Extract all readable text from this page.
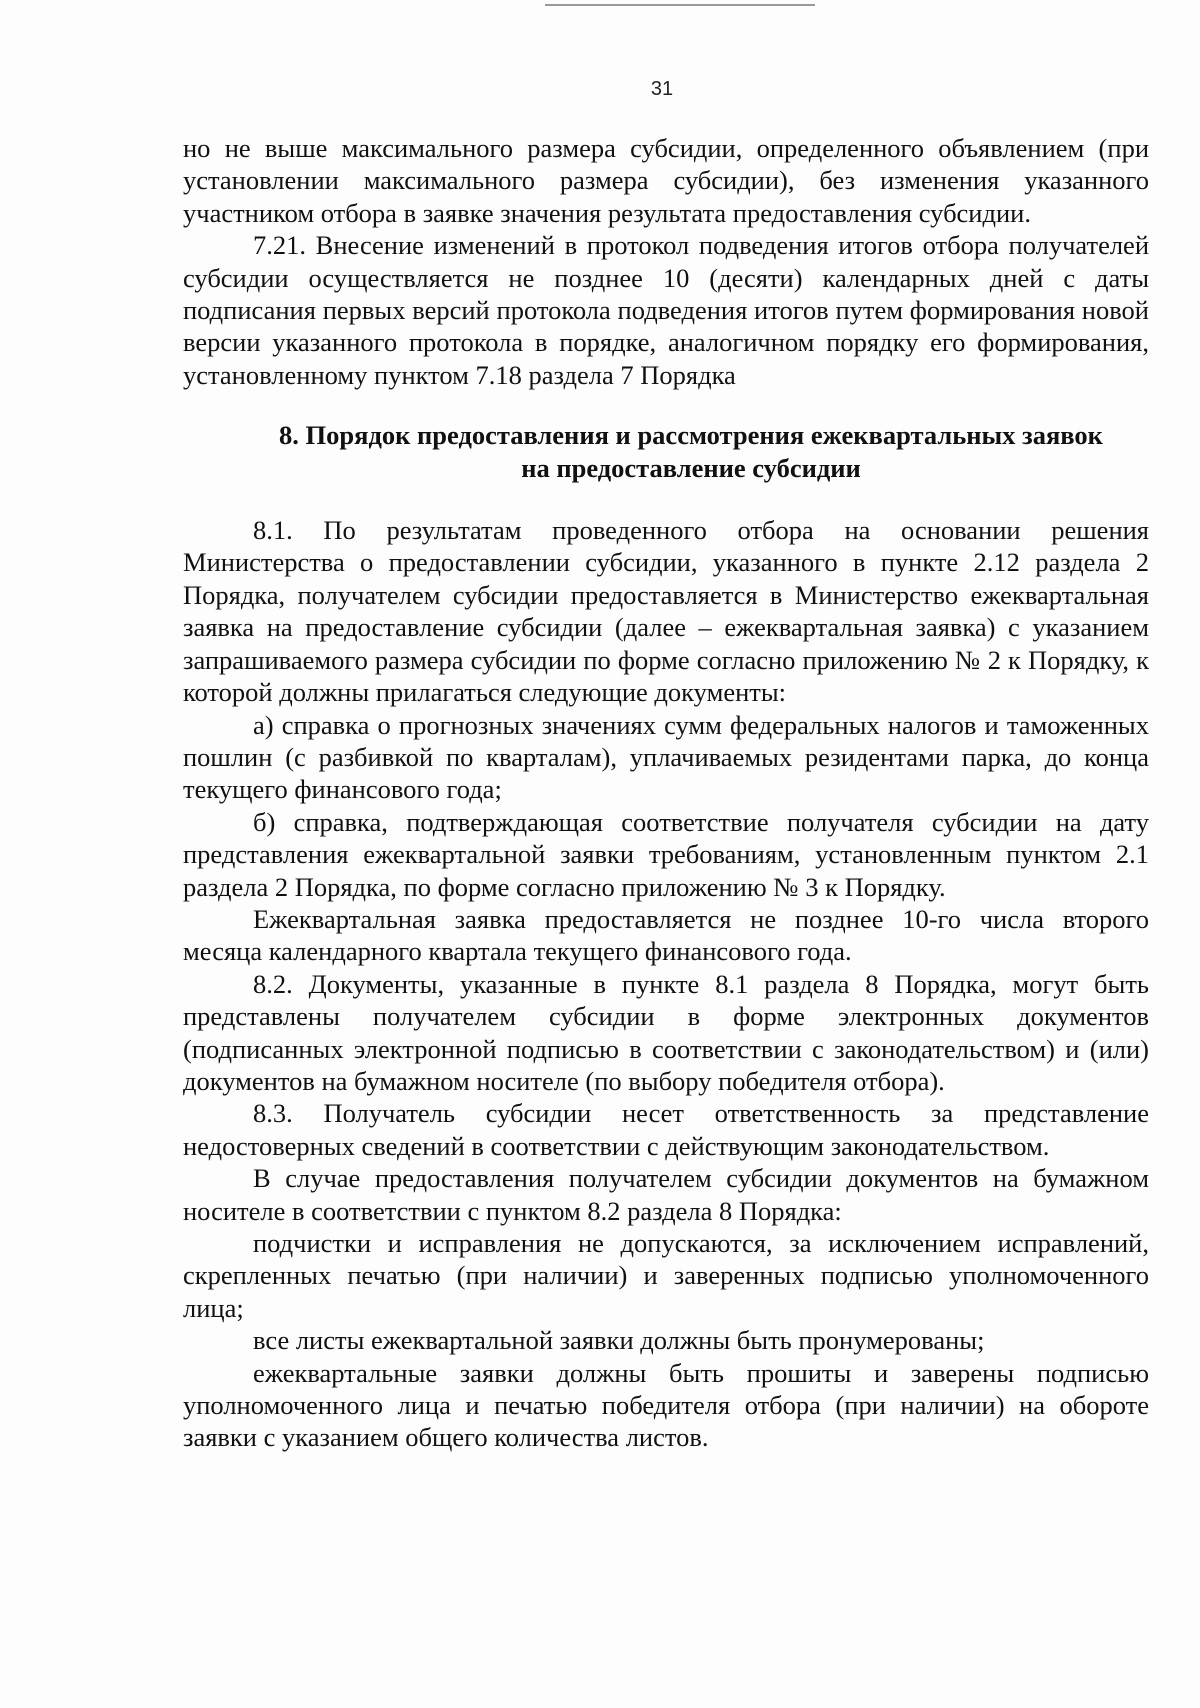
31

но не выше максимального размера субсидии, определенного объявлением (при установлении максимального размера субсидии), без изменения указанного участником отбора в заявке значения результата предоставления субсидии.

7.21. Внесение изменений в протокол подведения итогов отбора получателей субсидии осуществляется не позднее 10 (десяти) календарных дней с даты подписания первых версий протокола подведения итогов путем формирования новой версии указанного протокола в порядке, аналогичном порядку его формирования, установленному пунктом 7.18 раздела 7 Порядка

8. Порядок предоставления и рассмотрения ежеквартальных заявок
на предоставление субсидии

8.1. По результатам проведенного отбора на основании решения Министерства о предоставлении субсидии, указанного в пункте 2.12 раздела 2 Порядка, получателем субсидии предоставляется в Министерство ежеквартальная заявка на предоставление субсидии (далее – ежеквартальная заявка) с указанием запрашиваемого размера субсидии по форме согласно приложению № 2 к Порядку, к которой должны прилагаться следующие документы:

а) справка о прогнозных значениях сумм федеральных налогов и таможенных пошлин (с разбивкой по кварталам), уплачиваемых резидентами парка, до конца текущего финансового года;

б) справка, подтверждающая соответствие получателя субсидии на дату представления ежеквартальной заявки требованиям, установленным пунктом 2.1 раздела 2 Порядка, по форме согласно приложению № 3 к Порядку.

Ежеквартальная заявка предоставляется не позднее 10-го числа второго месяца календарного квартала текущего финансового года.

8.2. Документы, указанные в пункте 8.1 раздела 8 Порядка, могут быть представлены получателем субсидии в форме электронных документов (подписанных электронной подписью в соответствии с законодательством) и (или) документов на бумажном носителе (по выбору победителя отбора).

8.3. Получатель субсидии несет ответственность за представление недостоверных сведений в соответствии с действующим законодательством.

В случае предоставления получателем субсидии документов на бумажном носителе в соответствии с пунктом 8.2 раздела 8 Порядка:

подчистки и исправления не допускаются, за исключением исправлений, скрепленных печатью (при наличии) и заверенных подписью уполномоченного лица;

все листы ежеквартальной заявки должны быть пронумерованы;

ежеквартальные заявки должны быть прошиты и заверены подписью уполномоченного лица и печатью победителя отбора (при наличии) на обороте заявки с указанием общего количества листов.
